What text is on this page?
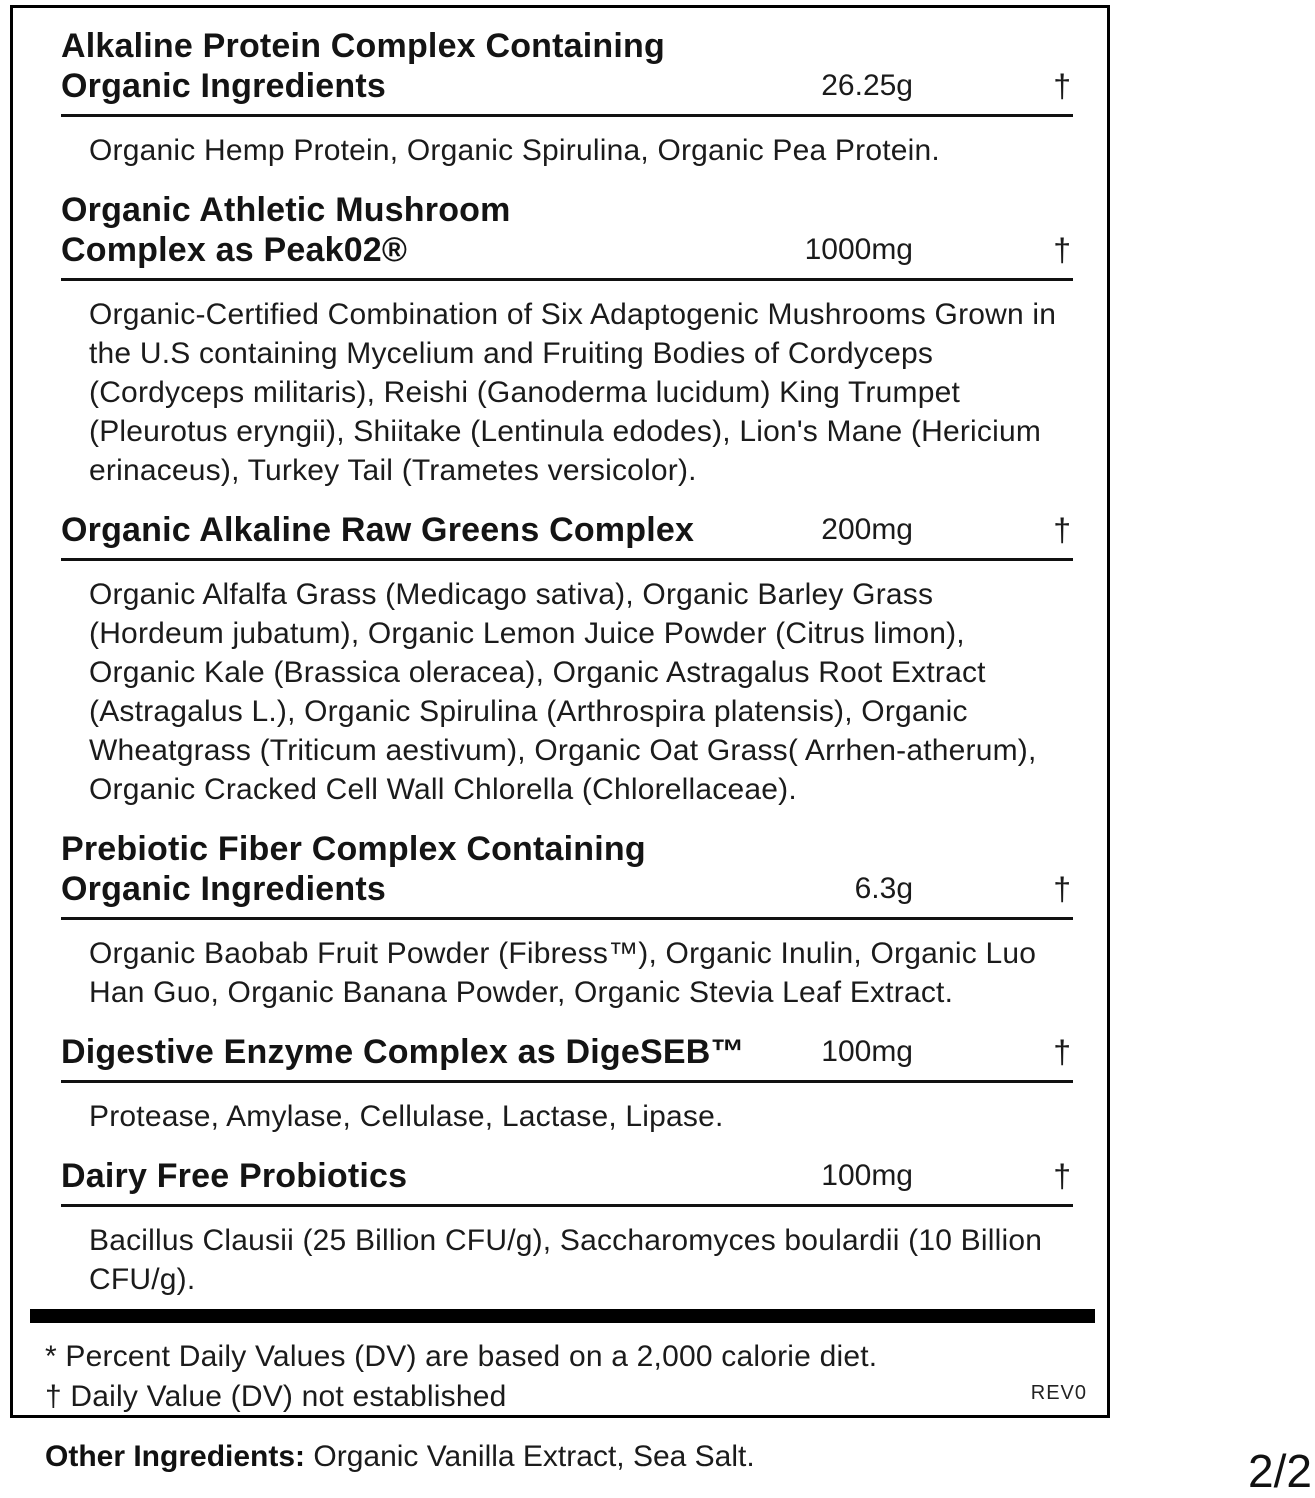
Alkaline Protein Complex Containing
Organic Ingredients	26.25g	†

Organic Hemp Protein, Organic Spirulina, Organic Pea Protein.

Organic Athletic Mushroom
Complex as Peak02®	1000mg	†

Organic-Certified Combination of Six Adaptogenic Mushrooms Grown in the U.S containing Mycelium and Fruiting Bodies of Cordyceps (Cordyceps militaris), Reishi (Ganoderma lucidum) King Trumpet (Pleurotus eryngii), Shiitake (Lentinula edodes), Lion's Mane (Hericium erinaceus), Turkey Tail (Trametes versicolor).

Organic Alkaline Raw Greens Complex	200mg	†

Organic Alfalfa Grass (Medicago sativa), Organic Barley Grass (Hordeum jubatum), Organic Lemon Juice Powder (Citrus limon), Organic Kale (Brassica oleracea), Organic Astragalus Root Extract (Astragalus L.), Organic Spirulina (Arthrospira platensis), Organic Wheatgrass (Triticum aestivum), Organic Oat Grass( Arrhen-atherum), Organic Cracked Cell Wall Chlorella (Chlorellaceae).

Prebiotic Fiber Complex Containing
Organic Ingredients	6.3g	†

Organic Baobab Fruit Powder (Fibress™), Organic Inulin, Organic Luo Han Guo, Organic Banana Powder, Organic Stevia Leaf Extract.

Digestive Enzyme Complex as DigeSEB™	100mg	†

Protease, Amylase, Cellulase, Lactase, Lipase.

Dairy Free Probiotics	100mg	†

Bacillus Clausii (25 Billion CFU/g), Saccharomyces boulardii (10 Billion CFU/g).

* Percent Daily Values (DV) are based on a 2,000 calorie diet.
† Daily Value (DV) not established	REV0
Other Ingredients: Organic Vanilla Extract, Sea Salt.	2/2
